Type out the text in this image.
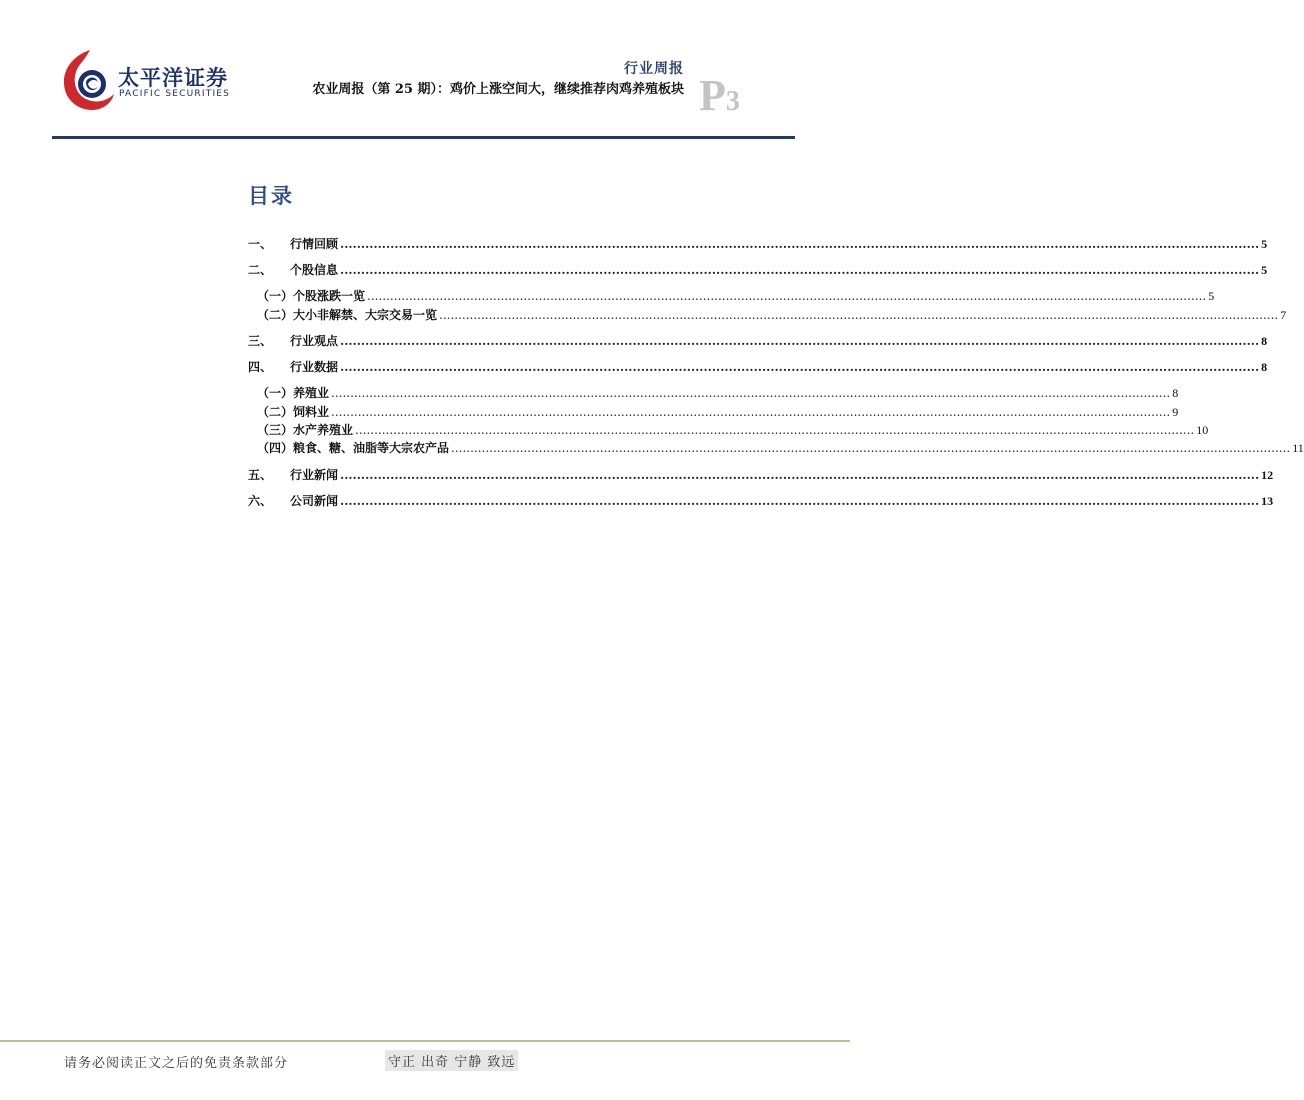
太平洋证券
PACIFIC SECURITIES
行业周报
农业周报（第 25 期）：鸡价上涨空间大，继续推荐肉鸡养殖板块 P3
目录
一、	行情回顾 ............................................................................................................................................................................................................................ 5
二、	个股信息 ............................................................................................................................................................................................................................ 5
（一）个股涨跌一览 ............................................................................................................................................................................................................................ 5
（二）大小非解禁、大宗交易一览 ............................................................................................................................................................................................................................ 7
三、	行业观点 ............................................................................................................................................................................................................................ 8
四、	行业数据 ............................................................................................................................................................................................................................ 8
（一）养殖业 ............................................................................................................................................................................................................................ 8
（二）饲料业 ............................................................................................................................................................................................................................ 9
（三）水产养殖业 ............................................................................................................................................................................................................................ 10
（四）粮食、糖、油脂等大宗农产品 ............................................................................................................................................................................................................................ 11
五、	行业新闻 ............................................................................................................................................................................................................................ 12
六、	公司新闻 ............................................................................................................................................................................................................................ 13
请务必阅读正文之后的免责条款部分	守正 出奇 宁静 致远
